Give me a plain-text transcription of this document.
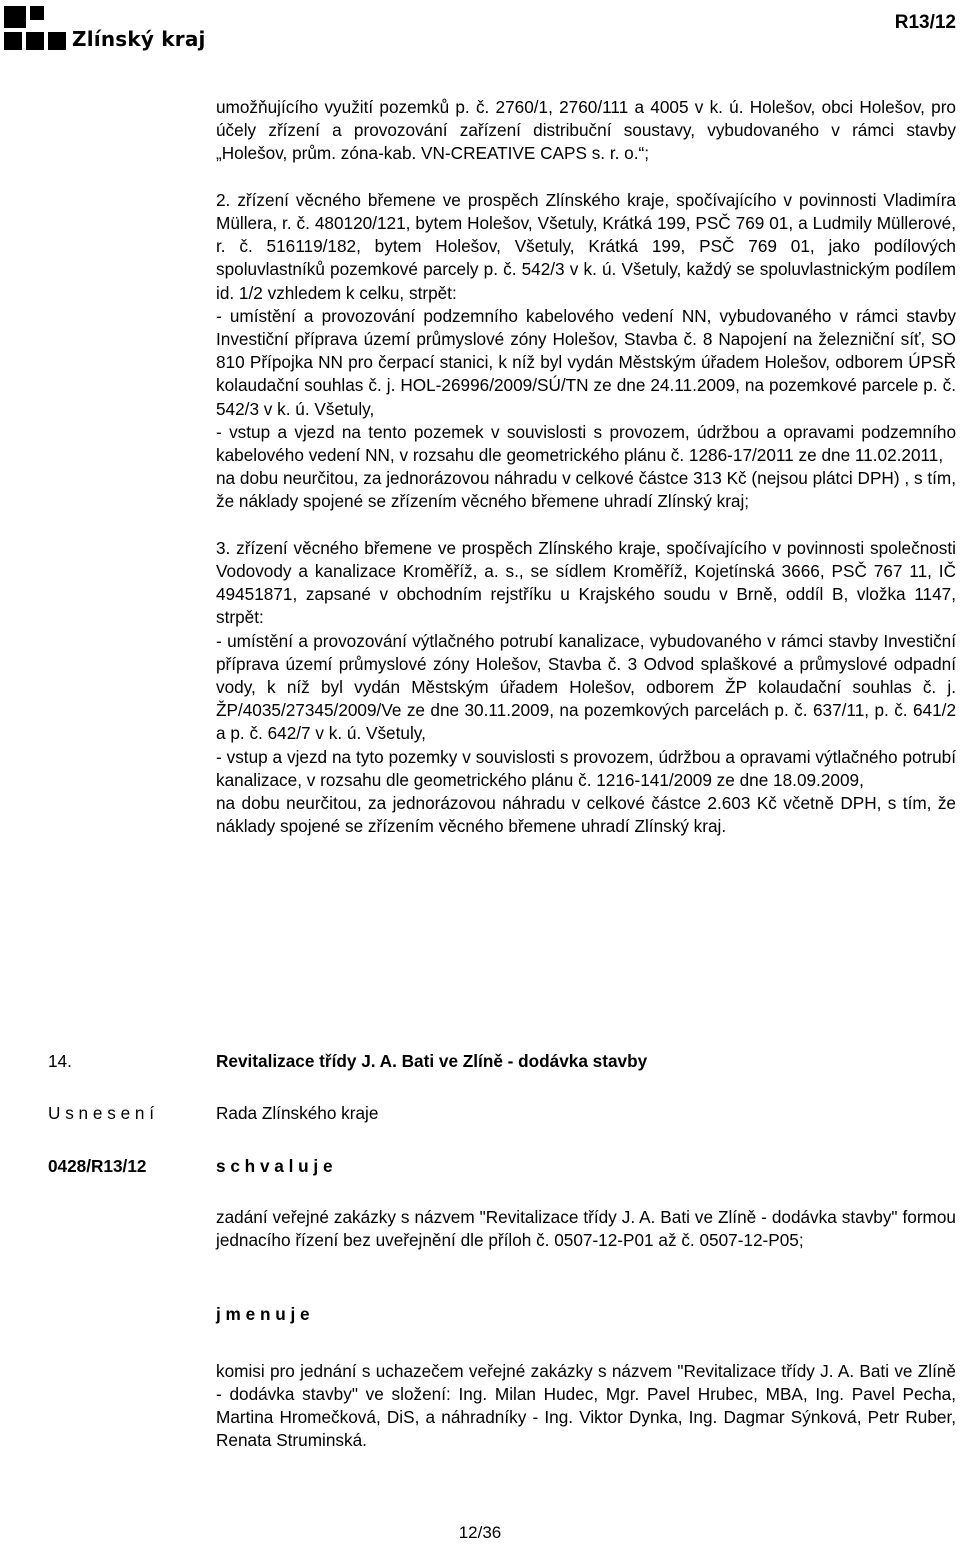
Zlínský kraj
R13/12

umožňujícího využití pozemků p. č. 2760/1, 2760/111 a 4005 v k. ú. Holešov, obci Holešov, pro účely zřízení a provozování zařízení distribuční soustavy, vybudovaného v rámci stavby „Holešov, prům. zóna-kab. VN-CREATIVE CAPS s. r. o.“;

2. zřízení věcného břemene ve prospěch Zlínského kraje, spočívajícího v povinnosti Vladimíra Müllera, r. č. 480120/121, bytem Holešov, Všetuly, Krátká 199, PSČ 769 01, a Ludmily Müllerové, r. č. 516119/182, bytem Holešov, Všetuly, Krátká 199, PSČ 769 01, jako podílových spoluvlastníků pozemkové parcely p. č. 542/3 v k. ú. Všetuly, každý se spoluvlastnickým podílem id. 1/2 vzhledem k celku, strpět:

- umístění a provozování podzemního kabelového vedení NN, vybudovaného v rámci stavby Investiční příprava území průmyslové zóny Holešov, Stavba č. 8 Napojení na železniční síť, SO 810 Přípojka NN pro čerpací stanici, k níž byl vydán Městským úřadem Holešov, odborem ÚPSŘ kolaudační souhlas č. j. HOL-26996/2009/SÚ/TN ze dne 24.11.2009, na pozemkové parcele p. č. 542/3 v k. ú. Všetuly,

- vstup a vjezd na tento pozemek v souvislosti s provozem, údržbou a opravami podzemního kabelového vedení NN, v rozsahu dle geometrického plánu č. 1286-17/2011 ze dne 11.02.2011,

na dobu neurčitou, za jednorázovou náhradu v celkové částce 313 Kč (nejsou plátci DPH) , s tím, že náklady spojené se zřízením věcného břemene uhradí Zlínský kraj;

3. zřízení věcného břemene ve prospěch Zlínského kraje, spočívajícího v povinnosti společnosti Vodovody a kanalizace Kroměříž, a. s., se sídlem Kroměříž, Kojetínská 3666, PSČ 767 11, IČ 49451871, zapsané v obchodním rejstříku u Krajského soudu v Brně, oddíl B, vložka 1147, strpět:

- umístění a provozování výtlačného potrubí kanalizace, vybudovaného v rámci stavby Investiční příprava území průmyslové zóny Holešov, Stavba č. 3 Odvod splaškové a průmyslové odpadní vody, k níž byl vydán Městským úřadem Holešov, odborem ŽP kolaudační souhlas č. j. ŽP/4035/27345/2009/Ve ze dne 30.11.2009, na pozemkových parcelách p. č. 637/11, p. č. 641/2 a p. č. 642/7 v k. ú. Všetuly,

- vstup a vjezd na tyto pozemky v souvislosti s provozem, údržbou a opravami výtlačného potrubí kanalizace, v rozsahu dle geometrického plánu č. 1216-141/2009 ze dne 18.09.2009,

na dobu neurčitou, za jednorázovou náhradu v celkové částce 2.603 Kč včetně DPH, s tím, že náklady spojené se zřízením věcného břemene uhradí Zlínský kraj.

14.	Revitalizace třídy J. A. Bati ve Zlíně - dodávka stavby
U s n e s e n í	Rada Zlínského kraje
0428/R13/12	s c h v a l u j e
zadání veřejné zakázky s názvem "Revitalizace třídy J. A. Bati ve Zlíně - dodávka stavby" formou jednacího řízení bez uveřejnění dle příloh č. 0507-12-P01 až č. 0507-12-P05;
j m e n u j e
komisi pro jednání s uchazečem veřejné zakázky s názvem "Revitalizace třídy J. A. Bati ve Zlíně - dodávka stavby" ve složení: Ing. Milan Hudec, Mgr. Pavel Hrubec, MBA, Ing. Pavel Pecha, Martina Hromečková, DiS, a náhradníky - Ing. Viktor Dynka, Ing. Dagmar Sýnková, Petr Ruber, Renata Struminská.
12/36
